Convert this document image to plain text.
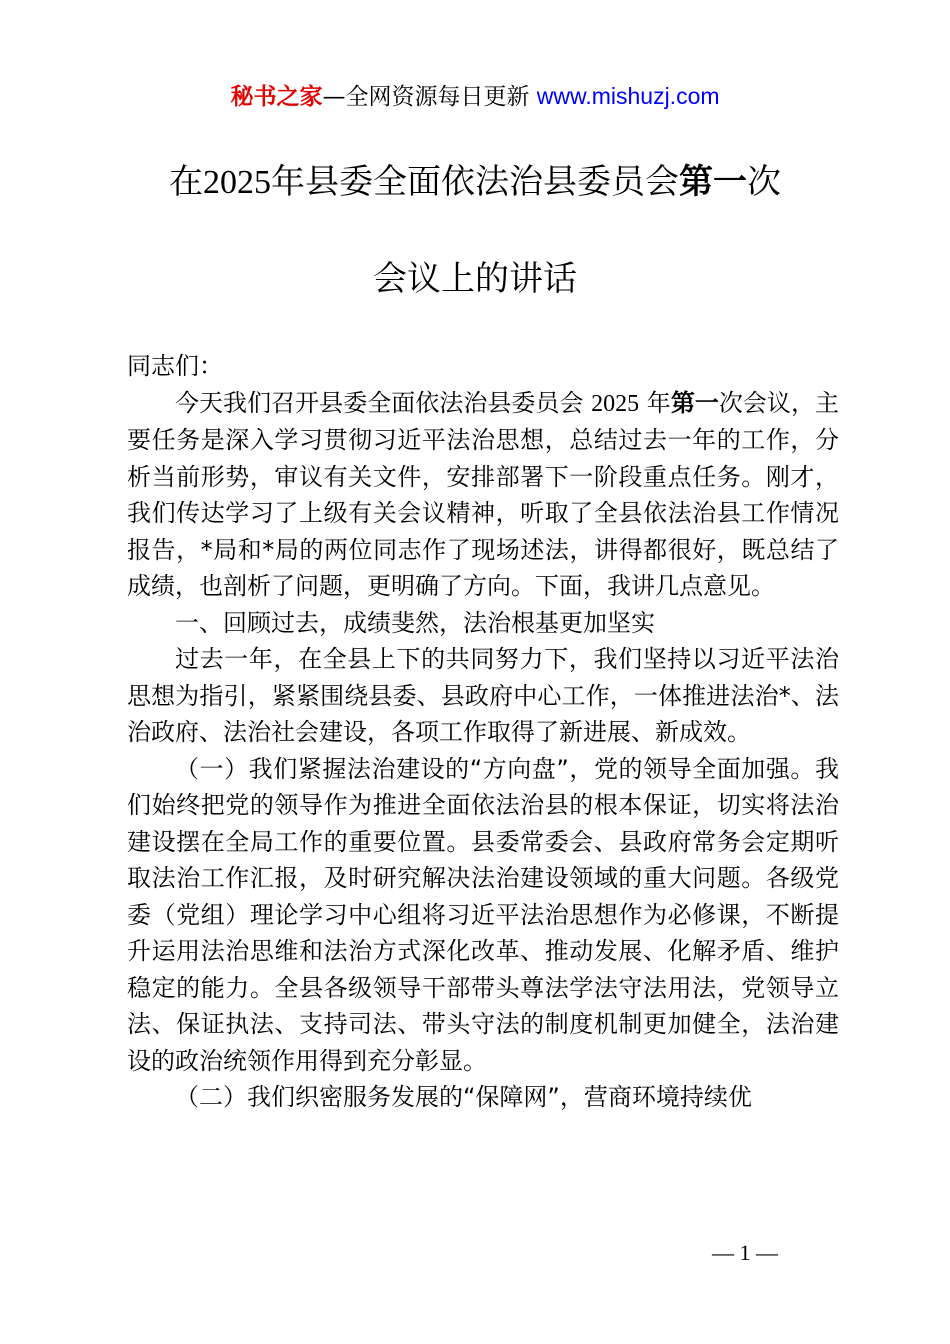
秘书之家—全网资源每日更新 www.mishuzj.com
在2025年县委全面依法治县委员会第一次
会议上的讲话

同志们：

今天我们召开县委全面依法治县委员会 2025 年第一次会议，主要任务是深入学习贯彻习近平法治思想，总结过去一年的工作，分析当前形势，审议有关文件，安排部署下一阶段重点任务。刚才，我们传达学习了上级有关会议精神，听取了全县依法治县工作情况报告，*局和*局的两位同志作了现场述法，讲得都很好，既总结了成绩，也剖析了问题，更明确了方向。下面，我讲几点意见。

一、回顾过去，成绩斐然，法治根基更加坚实

过去一年，在全县上下的共同努力下，我们坚持以习近平法治思想为指引，紧紧围绕县委、县政府中心工作，一体推进法治*、法治政府、法治社会建设，各项工作取得了新进展、新成效。

（一）我们紧握法治建设的“方向盘”，党的领导全面加强。我们始终把党的领导作为推进全面依法治县的根本保证，切实将法治建设摆在全局工作的重要位置。县委常委会、县政府常务会定期听取法治工作汇报，及时研究解决法治建设领域的重大问题。各级党委（党组）理论学习中心组将习近平法治思想作为必修课，不断提升运用法治思维和法治方式深化改革、推动发展、化解矛盾、维护稳定的能力。全县各级领导干部带头尊法学法守法用法，党领导立法、保证执法、支持司法、带头守法的制度机制更加健全，法治建设的政治统领作用得到充分彰显。

（二）我们织密服务发展的“保障网”，营商环境持续优

— 1 —
